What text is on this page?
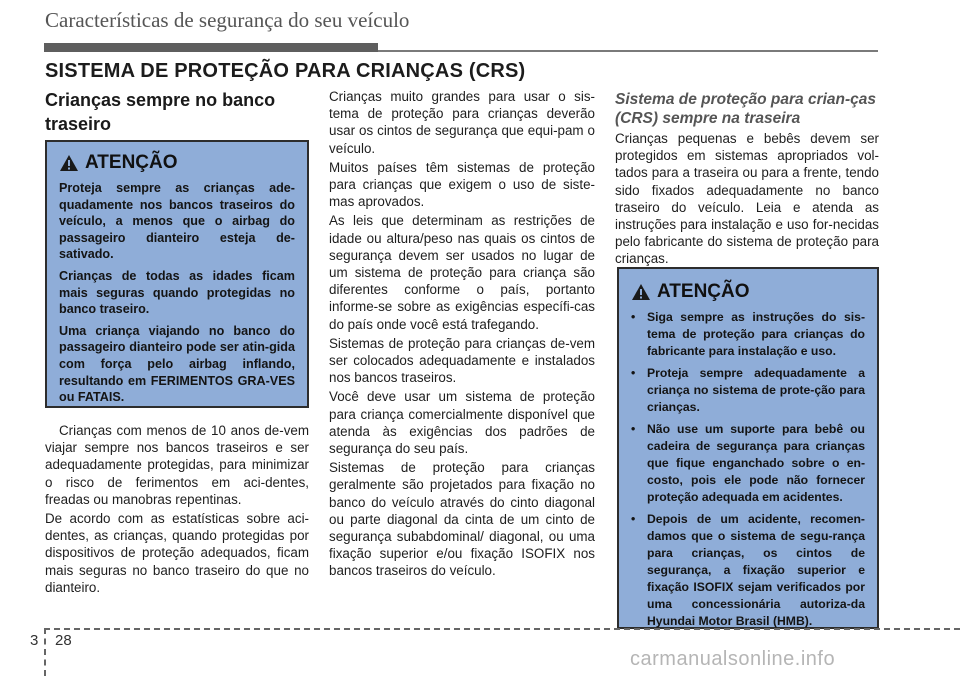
Características de segurança do seu veículo
SISTEMA DE PROTEÇÃO PARA CRIANÇAS (CRS)
Crianças sempre no banco traseiro
ATENÇÃO

Proteja sempre as crianças ade-quadamente nos bancos traseiros do veículo, a menos que o airbag do passageiro dianteiro esteja de-sativado.

Crianças de todas as idades ficam mais seguras quando protegidas no banco traseiro.

Uma criança viajando no banco do passageiro dianteiro pode ser atin-gida com força pelo airbag inflando, resultando em FERIMENTOS GRA-VES ou FATAIS.

Crianças com menos de 10 anos de-vem viajar sempre nos bancos traseiros e ser adequadamente protegidas, para minimizar o risco de ferimentos em aci-dentes, freadas ou manobras repentinas.

De acordo com as estatísticas sobre aci-dentes, as crianças, quando protegidas por dispositivos de proteção adequados, ficam mais seguras no banco traseiro do que no dianteiro.

Crianças muito grandes para usar o sis-tema de proteção para crianças deverão usar os cintos de segurança que equi-pam o veículo.

Muitos países têm sistemas de proteção para crianças que exigem o uso de siste-mas aprovados.

As leis que determinam as restrições de idade ou altura/peso nas quais os cintos de segurança devem ser usados no lugar de um sistema de proteção para criança são diferentes conforme o país, portanto informe-se sobre as exigências específi-cas do país onde você está trafegando.

Sistemas de proteção para crianças de-vem ser colocados adequadamente e instalados nos bancos traseiros.

Você deve usar um sistema de proteção para criança comercialmente disponível que atenda às exigências dos padrões de segurança do seu país.

Sistemas de proteção para crianças geralmente são projetados para fixação no banco do veículo através do cinto diagonal ou parte diagonal da cinta de um cinto de segurança subabdominal/ diagonal, ou uma fixação superior e/ou fixação ISOFIX nos bancos traseiros do veículo.

Sistema de proteção para crian-ças (CRS) sempre na traseira

Crianças pequenas e bebês devem ser protegidos em sistemas apropriados vol-tados para a traseira ou para a frente, tendo sido fixados adequadamente no banco traseiro do veículo. Leia e atenda as instruções para instalação e uso for-necidas pelo fabricante do sistema de proteção para crianças.

ATENÇÃO
• Siga sempre as instruções do sis-tema de proteção para crianças do fabricante para instalação e uso.
• Proteja sempre adequadamente a criança no sistema de prote-ção para crianças.
• Não use um suporte para bebê ou cadeira de segurança para crianças que fique enganchado sobre o en-costo, pois ele pode não fornecer proteção adequada em acidentes.
• Depois de um acidente, recomen-damos que o sistema de segu-rança para crianças, os cintos de segurança, a fixação superior e fixação ISOFIX sejam verificados por uma concessionária autoriza-da Hyundai Motor Brasil (HMB).
3 28
carmanualsonline.info
